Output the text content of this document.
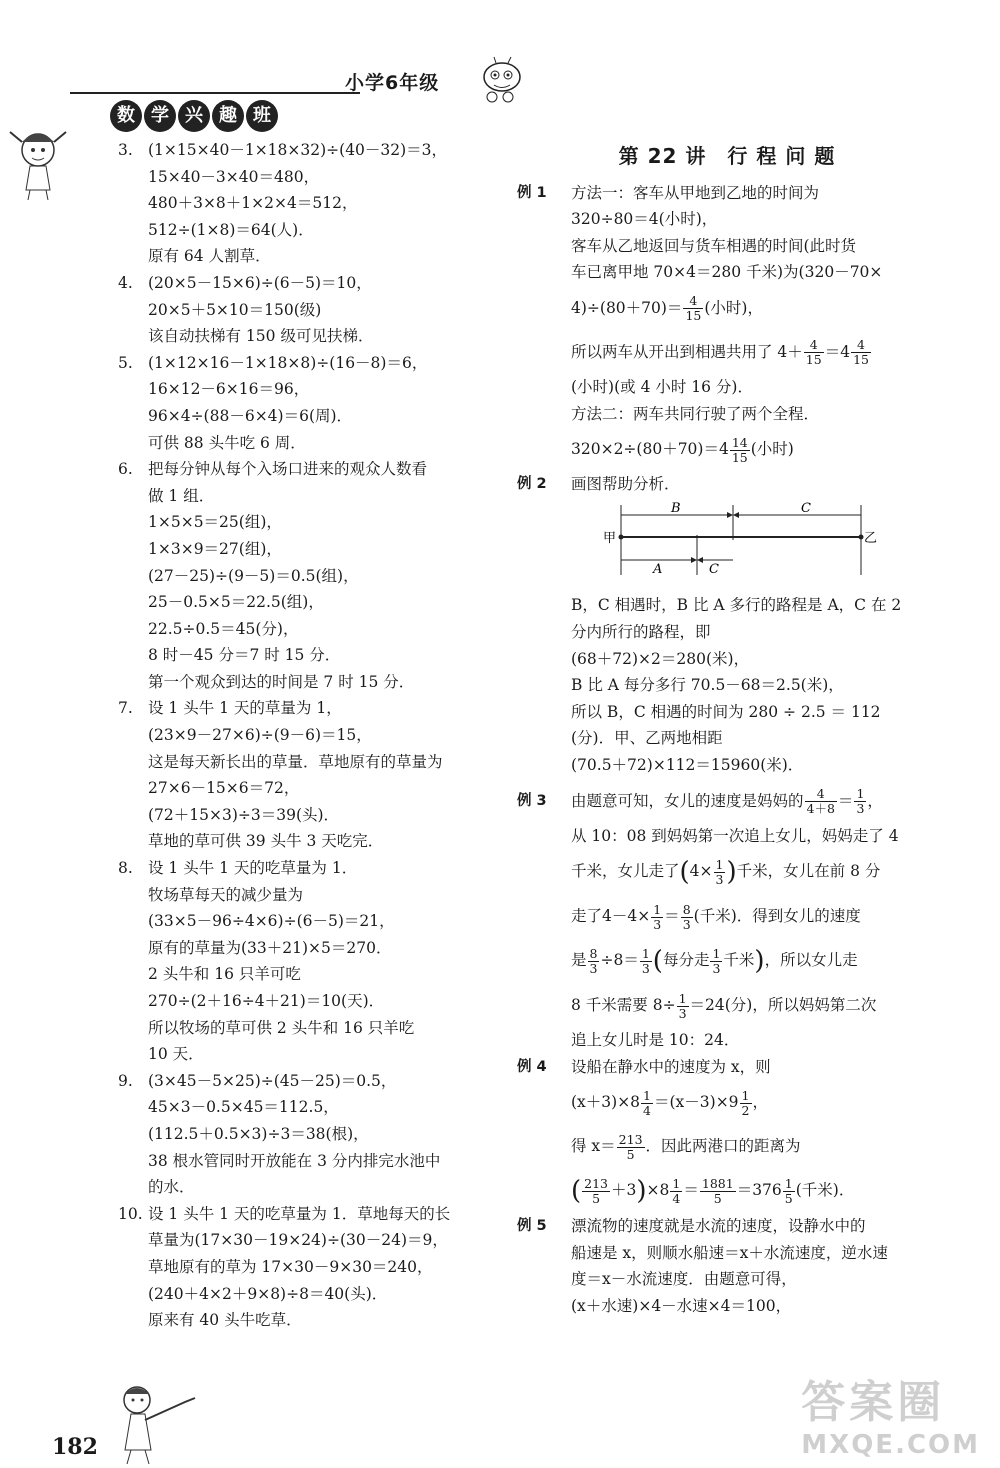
小学6年级
数 学 兴 趣 班
3. (1×15×40－1×18×32)÷(40－32)＝3，
15×40－3×40＝480，
480＋3×8＋1×2×4＝512，
512÷(1×8)＝64(人)．
原有 64 人割草．
4. (20×5－15×6)÷(6－5)＝10，
20×5＋5×10＝150(级)
该自动扶梯有 150 级可见扶梯．
5. (1×12×16－1×18×8)÷(16－8)＝6，
16×12－6×16＝96，
96×4÷(88－6×4)＝6(周)．
可供 88 头牛吃 6 周．
6. 把每分钟从每个入场口进来的观众人数看
做 1 组．
1×5×5＝25(组)，
1×3×9＝27(组)，
(27－25)÷(9－5)＝0.5(组)，
25－0.5×5＝22.5(组)，
22.5÷0.5＝45(分)，
8 时－45 分＝7 时 15 分．
第一个观众到达的时间是 7 时 15 分．
7. 设 1 头牛 1 天的草量为 1，
(23×9－27×6)÷(9－6)＝15，
这是每天新长出的草量．草地原有的草量为
27×6－15×6＝72，
(72＋15×3)÷3＝39(头)．
草地的草可供 39 头牛 3 天吃完．
8. 设 1 头牛 1 天的吃草量为 1．
牧场草每天的减少量为
(33×5－96÷4×6)÷(6－5)＝21，
原有的草量为(33＋21)×5＝270．
2 头牛和 16 只羊可吃
270÷(2＋16÷4＋21)＝10(天)．
所以牧场的草可供 2 头牛和 16 只羊吃
10 天．
9. (3×45－5×25)÷(45－25)＝0.5，
45×3－0.5×45＝112.5，
(112.5＋0.5×3)÷3＝38(根)，
38 根水管同时开放能在 3 分内排完水池中
的水．
10. 设 1 头牛 1 天的吃草量为 1．草地每天的长
草量为(17×30－19×24)÷(30－24)＝9，
草地原有的草为 17×30－9×30＝240，
(240＋4×2＋9×8)÷8＝40(头)．
原来有 40 头牛吃草．
第 22 讲　行 程 问 题
例 1	方法一：客车从甲地到乙地的时间为
320÷80＝4(小时)，
客车从乙地返回与货车相遇的时间(此时货
车已离甲地 70×4＝280 千米)为(320－70×
$4)\div(80+70)= \frac{4}{15}$ (小时)，
所以两车从开出到相遇共用了 $4+ \frac{4}{15} =4 \frac{4}{15}$
(小时)(或 4 小时 16 分)．
方法二：两车共同行驶了两个全程．
$320\times 2\div(80+70)=4 \frac{14}{15}$ (小时)
例 2	画图帮助分析．
B	C
A	C
甲	乙
B，C 相遇时，B 比 A 多行的路程是 A，C 在 2
分内所行的路程，即
(68＋72)×2＝280(米)，
B 比 A 每分多行 70.5－68＝2.5(米)，
所以 B，C 相遇的时间为 280 ÷ 2.5 ＝ 112
(分)．甲、乙两地相距
(70.5＋72)×112＝15960(米)．
例 3	由题意可知，女儿的速度是妈妈的 $\frac{4}{4+8} = \frac{1}{3}$ ，
从 10：08 到妈妈第一次追上女儿，妈妈走了 4
千米，女儿走了($4\times \frac{1}{3}$ )千米，女儿在前 8 分
走了$4-4\times \frac{1}{3} = \frac{8}{3}$ (千米)．得到女儿的速度
是 $\frac{8}{3} \div 8= \frac{1}{3}$ (每分走 $\frac{1}{3}$ 千米)，所以女儿走
8 千米需要 $8\div \frac{1}{3} =24$(分)，所以妈妈第二次
追上女儿时是 10：24．
例 4	设船在静水中的速度为 x，则
$(x+3)\times 8 \frac{1}{4} =(x-3)\times 9 \frac{1}{2}$ ，
得 $x= \frac{213}{5}$ ．因此两港口的距离为
( $\frac{213}{5} +3)\times 8 \frac{1}{4} = \frac{1881}{5} =376 \frac{1}{5}$ (千米)．
例 5	漂流物的速度就是水流的速度，设静水中的
船速是 x，则顺水船速＝x＋水流速度，逆水速
度＝x－水流速度．由题意可得，
(x＋水速)×4－水速×4＝100，
182
答案圈
MXQE.COM
